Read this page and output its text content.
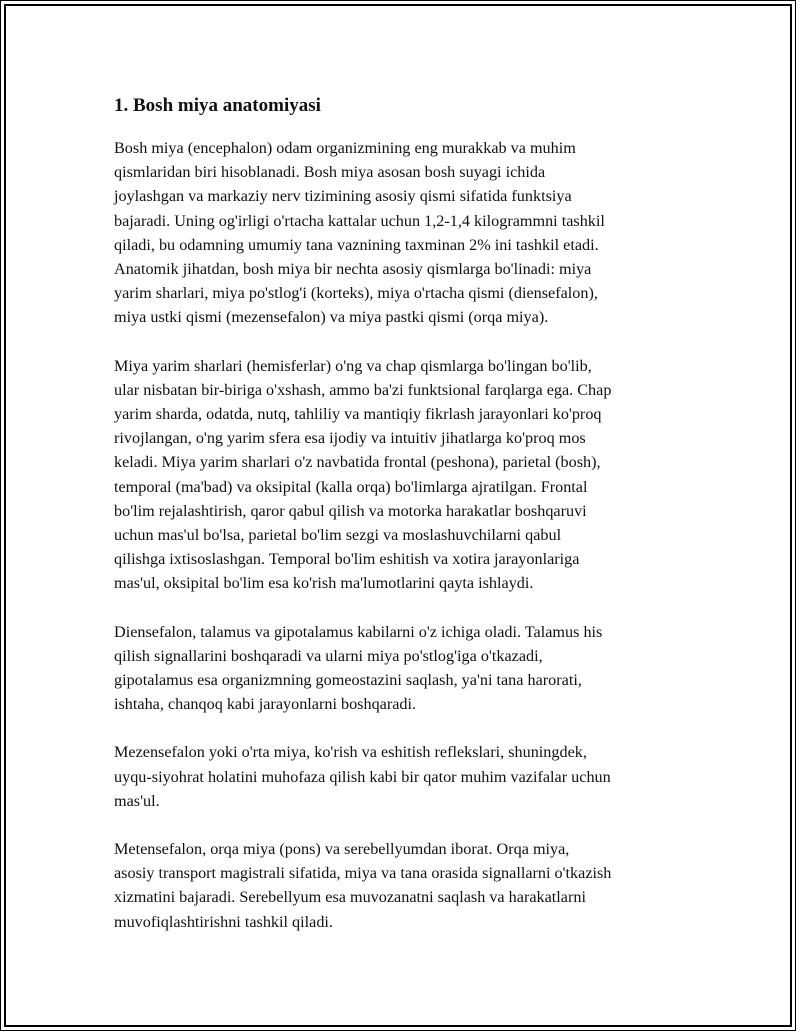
1. Bosh miya anatomiyasi

Bosh miya (encephalon) odam organizmining eng murakkab va muhim
qismlaridan biri hisoblanadi. Bosh miya asosan bosh suyagi ichida
joylashgan va markaziy nerv tizimining asosiy qismi sifatida funktsiya
bajaradi. Uning og'irligi o'rtacha kattalar uchun 1,2-1,4 kilogrammni tashkil
qiladi, bu odamning umumiy tana vaznining taxminan 2% ini tashkil etadi.
Anatomik jihatdan, bosh miya bir nechta asosiy qismlarga bo'linadi: miya
yarim sharlari, miya po'stlog'i (korteks), miya o'rtacha qismi (diensefalon),
miya ustki qismi (mezensefalon) va miya pastki qismi (orqa miya).

Miya yarim sharlari (hemisferlar) o'ng va chap qismlarga bo'lingan bo'lib,
ular nisbatan bir-biriga o'xshash, ammo ba'zi funktsional farqlarga ega. Chap
yarim sharda, odatda, nutq, tahliliy va mantiqiy fikrlash jarayonlari ko'proq
rivojlangan, o'ng yarim sfera esa ijodiy va intuitiv jihatlarga ko'proq mos
keladi. Miya yarim sharlari o'z navbatida frontal (peshona), parietal (bosh),
temporal (ma'bad) va oksipital (kalla orqa) bo'limlarga ajratilgan. Frontal
bo'lim rejalashtirish, qaror qabul qilish va motorka harakatlar boshqaruvi
uchun mas'ul bo'lsa, parietal bo'lim sezgi va moslashuvchilarni qabul
qilishga ixtisoslashgan. Temporal bo'lim eshitish va xotira jarayonlariga
mas'ul, oksipital bo'lim esa ko'rish ma'lumotlarini qayta ishlaydi.

Diensefalon, talamus va gipotalamus kabilarni o'z ichiga oladi. Talamus his
qilish signallarini boshqaradi va ularni miya po'stlog'iga o'tkazadi,
gipotalamus esa organizmning gomeostazini saqlash, ya'ni tana harorati,
ishtaha, chanqoq kabi jarayonlarni boshqaradi.

Mezensefalon yoki o'rta miya, ko'rish va eshitish reflekslari, shuningdek,
uyqu-siyohrat holatini muhofaza qilish kabi bir qator muhim vazifalar uchun
mas'ul.

Metensefalon, orqa miya (pons) va serebellyumdan iborat. Orqa miya,
asosiy transport magistrali sifatida, miya va tana orasida signallarni o'tkazish
xizmatini bajaradi. Serebellyum esa muvozanatni saqlash va harakatlarni
muvofiqlashtirishni tashkil qiladi.
